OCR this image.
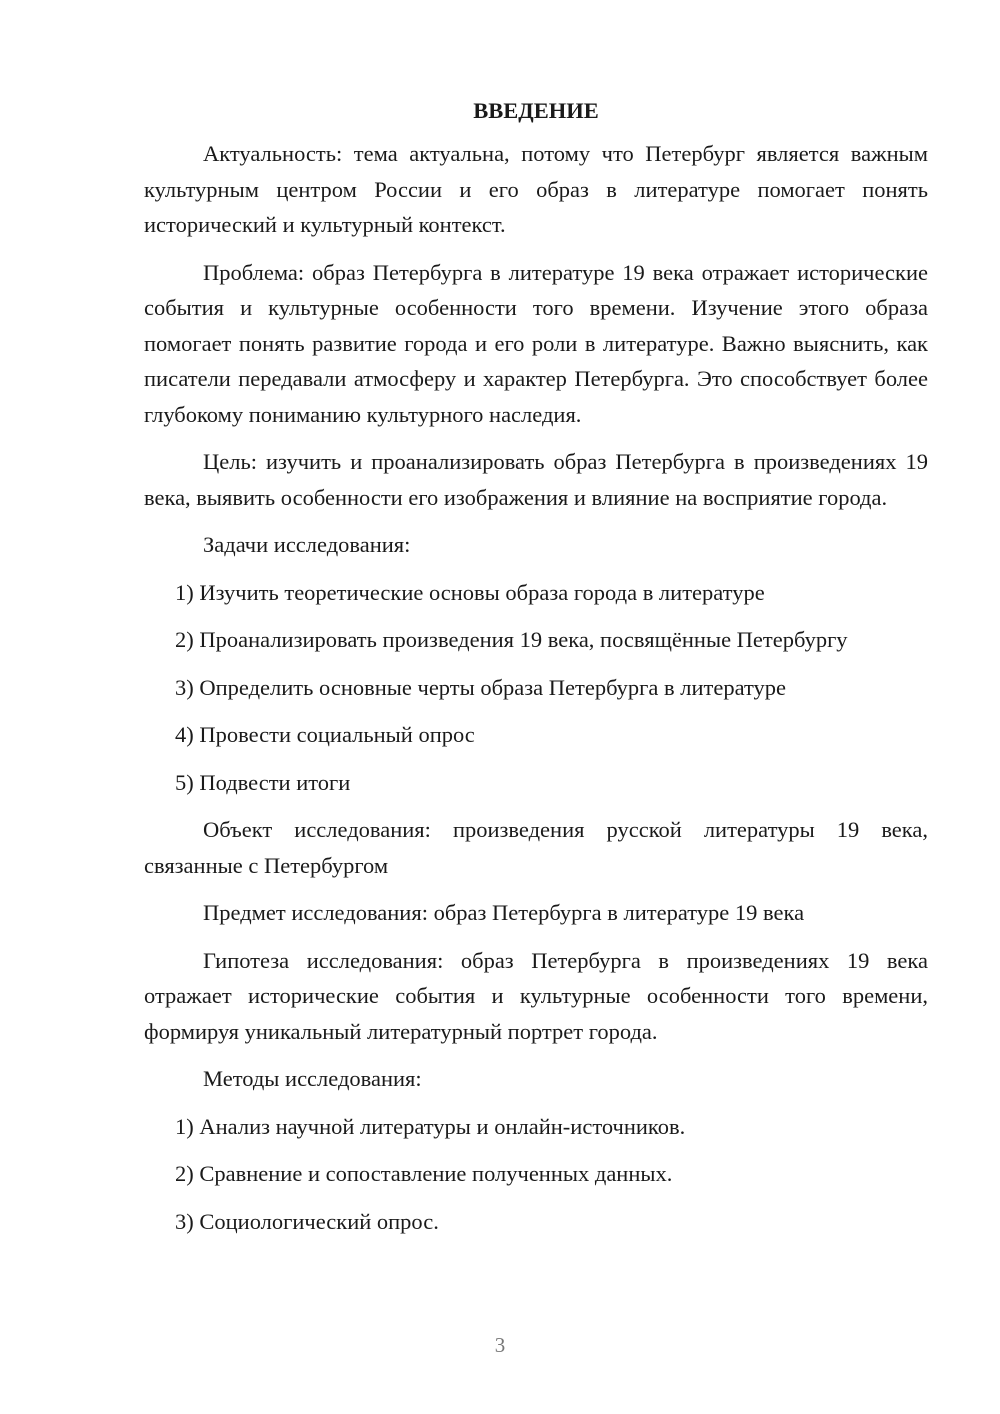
ВВЕДЕНИЕ

Актуальность: тема актуальна, потому что Петербург является важным культурным центром России и его образ в литературе помогает понять исторический и культурный контекст.

Проблема: образ Петербурга в литературе 19 века отражает исторические события и культурные особенности того времени. Изучение этого образа помогает понять развитие города и его роли в литературе. Важно выяснить, как писатели передавали атмосферу и характер Петербурга. Это способствует более глубокому пониманию культурного наследия.

Цель: изучить и проанализировать образ Петербурга в произведениях 19 века, выявить особенности его изображения и влияние на восприятие города.

Задачи исследования:

1) Изучить теоретические основы образа города в литературе

2) Проанализировать произведения 19 века, посвящённые Петербургу

3) Определить основные черты образа Петербурга в литературе

4) Провести социальный опрос

5) Подвести итоги

Объект исследования: произведения русской литературы 19 века, связанные с Петербургом

Предмет исследования: образ Петербурга в литературе 19 века

Гипотеза исследования: образ Петербурга в произведениях 19 века отражает исторические события и культурные особенности того времени, формируя уникальный литературный портрет города.

Методы исследования:

1) Анализ научной литературы и онлайн-источников.

2) Сравнение и сопоставление полученных данных.

3) Социологический опрос.

3
